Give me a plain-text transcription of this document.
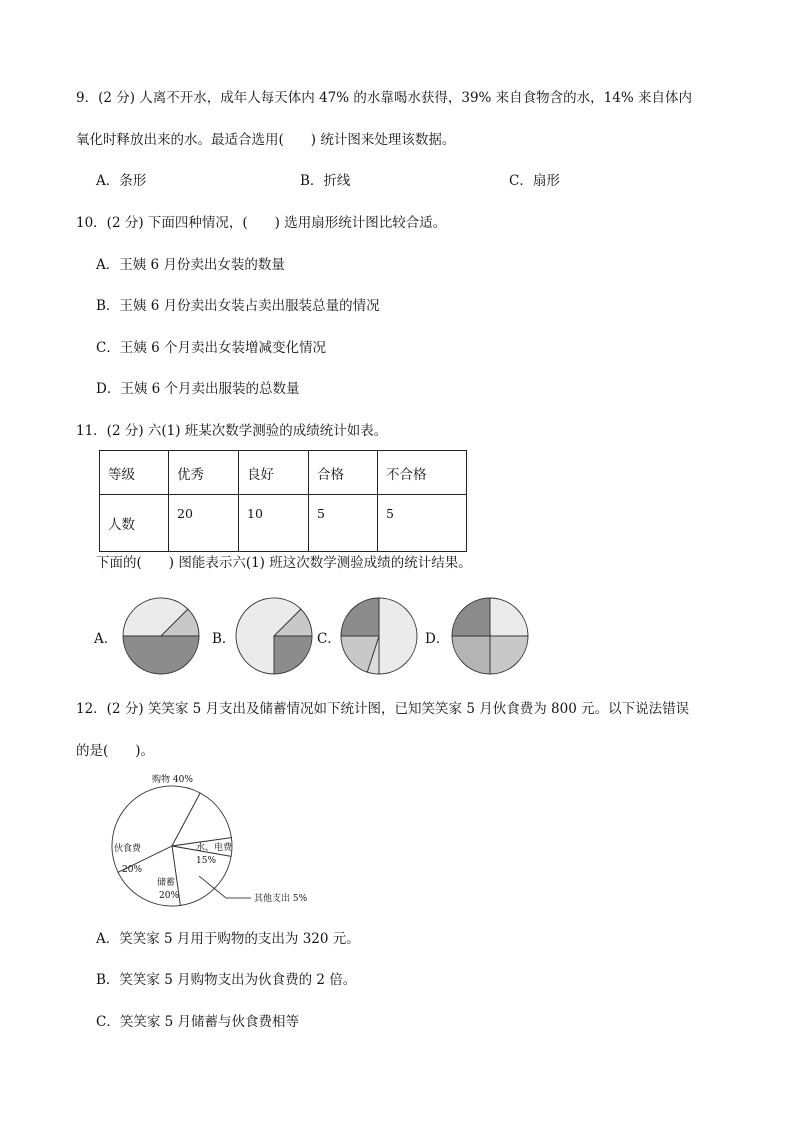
9．(2 分) 人离不开水，成年人每天体内 47% 的水靠喝水获得，39% 来自食物含的水，14% 来自体内
氧化时释放出来的水。最适合选用(　　) 统计图来处理该数据。
A．条形	B．折线	C．扇形
10．(2 分) 下面四种情况，(　　) 选用扇形统计图比较合适。
A．王姨 6 月份卖出女装的数量
B．王姨 6 月份卖出女装占卖出服装总量的情况
C．王姨 6 个月卖出女装增减变化情况
D．王姨 6 个月卖出服装的总数量
11．(2 分) 六(1) 班某次数学测验的成绩统计如表。
等级	优秀	良好	合格	不合格
人数	20	10	5	5
下面的(　　) 图能表示六(1) 班这次数学测验成绩的统计结果。
A．	B．	C．	D．
12．(2 分) 笑笑家 5 月支出及储蓄情况如下统计图，已知笑笑家 5 月伙食费为 800 元。以下说法错误
的是(　　)。
购物 40%
伙食费
20%
储蓄
20%
水、电费
15%
其他支出 5%
A．笑笑家 5 月用于购物的支出为 320 元。
B．笑笑家 5 月购物支出为伙食费的 2 倍。
C．笑笑家 5 月储蓄与伙食费相等
